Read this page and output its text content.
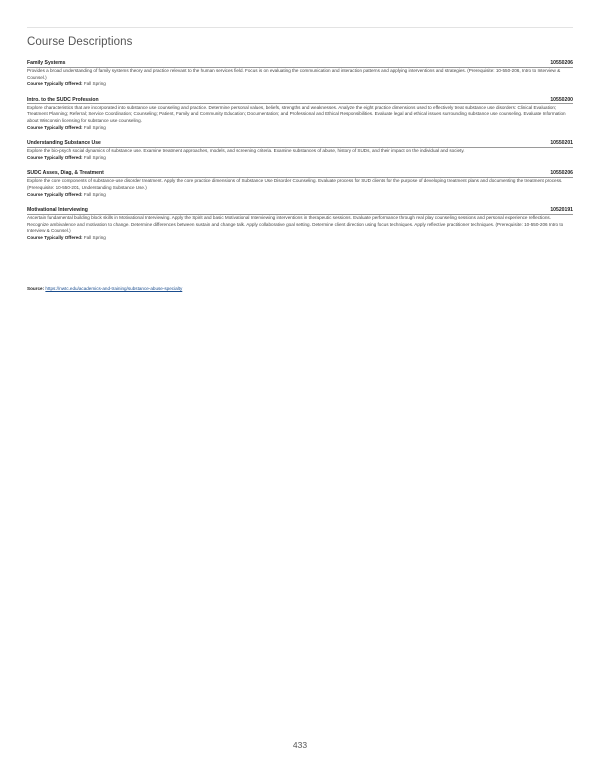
Course Descriptions
Family Systems	10550206
Provides a broad understanding of family systems theory and practice relevant to the human services field. Focus is on evaluating the communication and interaction patterns and applying interventions and strategies. (Prerequisite: 10-550-206, Intro to Interview & Counsel.)
Course Typically Offered: Fall Spring
Intro. to the SUDC Profession	10550200
Explore characteristics that are incorporated into substance use counseling and practice. Determine personal values, beliefs, strengths and weaknesses. Analyze the eight practice dimensions used to effectively treat substance use disorders: Clinical Evaluation; Treatment Planning; Referral; Service Coordination; Counseling; Patient, Family and Community Education; Documentation; and Professional and Ethical Responsibilities. Evaluate legal and ethical issues surrounding substance use counseling. Evaluate Information about Wisconsin licensing for substance use counseling.
Course Typically Offered: Fall Spring
Understanding Substance Use	10550201
Explore the bio-psych social dynamics of substance use. Examine treatment approaches, models, and screening criteria. Examine substances of abuse, history of SUDs, and their impact on the individual and society.
Course Typically Offered: Fall Spring
SUDC Asses, Diag, & Treatment	10550206
Explore the core components of substance-use disorder treatment. Apply the core practice dimensions of Substance Use Disorder Counseling. Evaluate process for SUD clients for the purpose of developing treatment plans and documenting the treatment process. (Prerequisite: 10-550-201, Understanding Substance Use.)
Course Typically Offered: Fall Spring
Motivational Interviewing	10520191
Ascertain fundamental building block skills in Motivational Interviewing. Apply the Spirit and basic Motivational Interviewing interventions in therapeutic sessions. Evaluate performance through real play counseling sessions and personal experience reflections. Recognize ambivalence and motivation to change. Determine differences between sustain and change talk. Apply collaborative goal setting. Determine client direction using focus techniques. Apply reflective practitioner techniques. (Prerequisite: 10-550-206 Intro to Interview & Counsel.)
Course Typically Offered: Fall Spring
Source: https://nwtc.edu/academics-and-training/substance-abuse-specialty
433
